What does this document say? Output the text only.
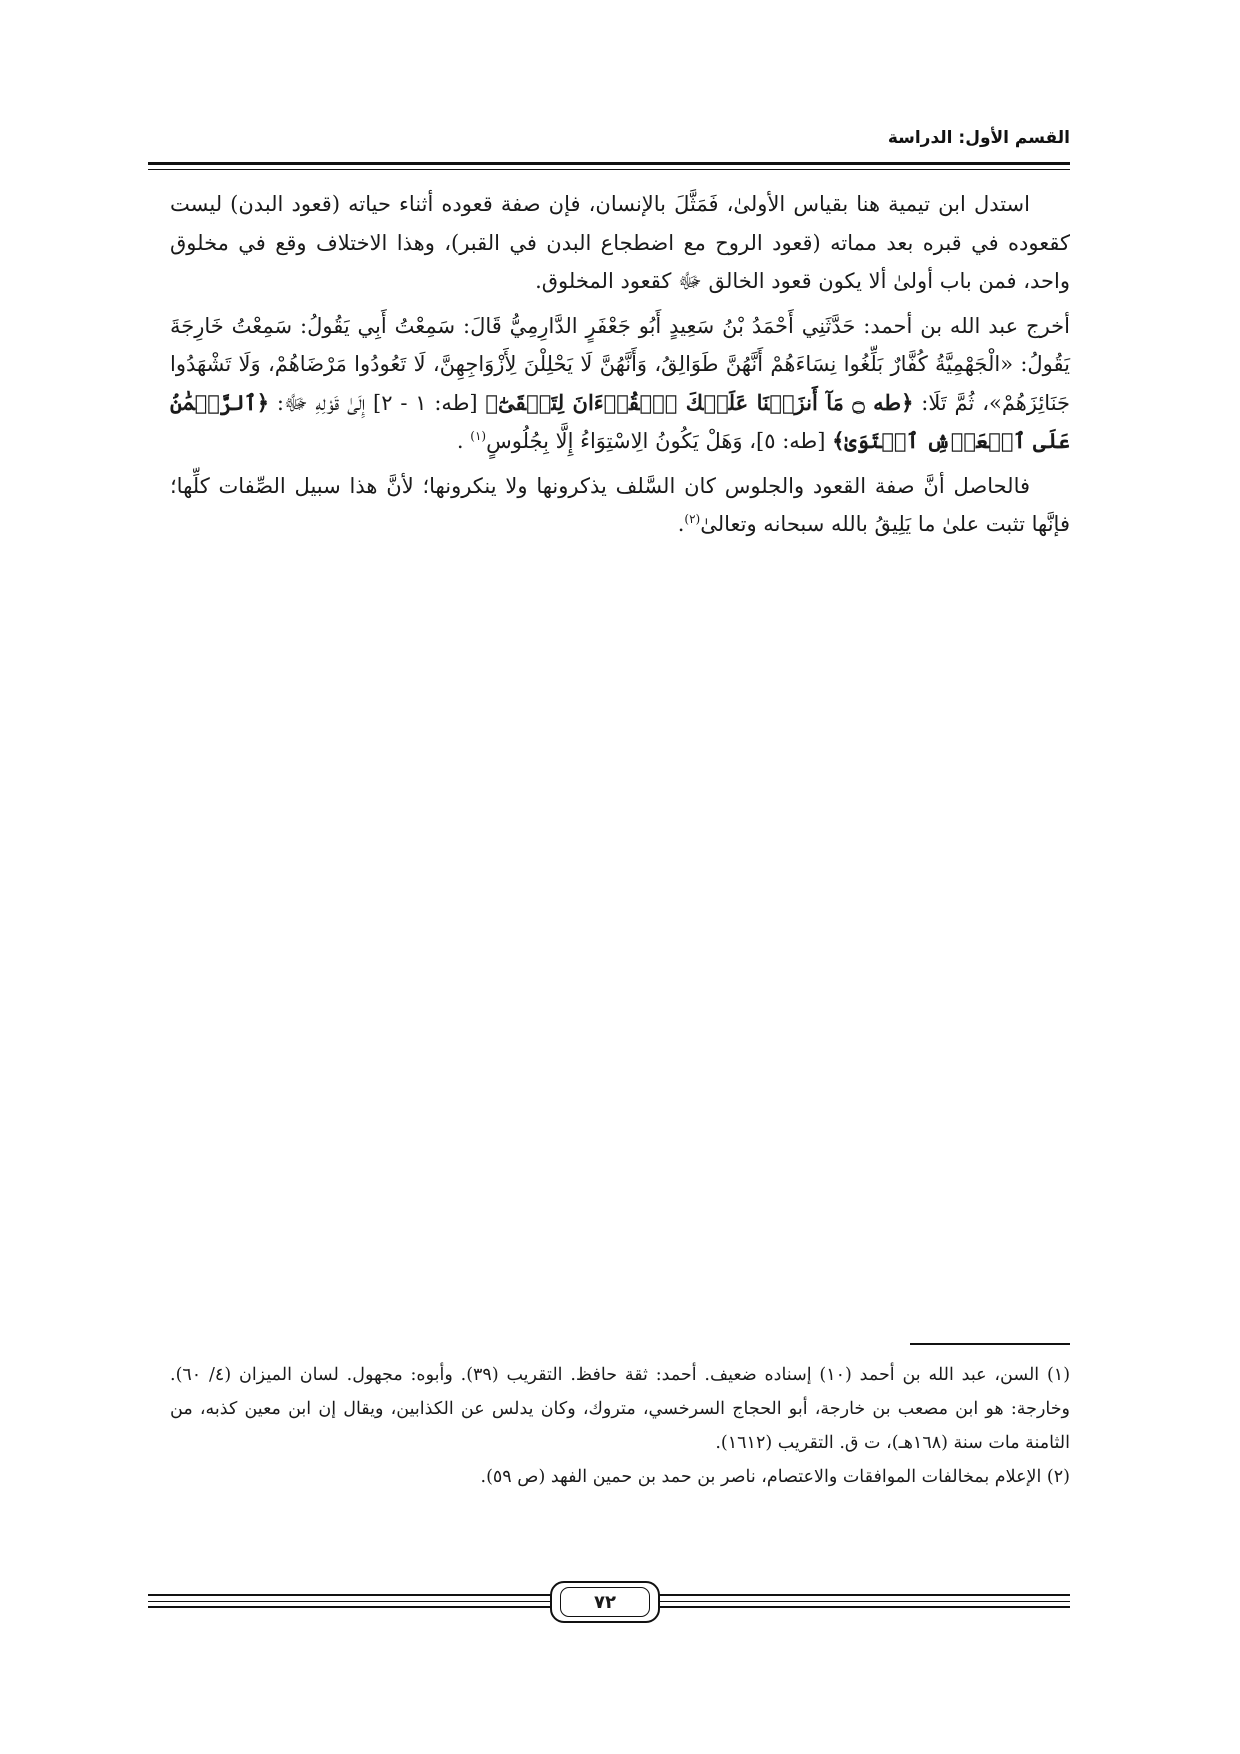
القسم الأول: الدراسة

استدل ابن تيمية هنا بقياس الأولىٰ، فَمَثَّلَ بالإنسان، فإن صفة قعوده أثناء حياته (قعود البدن) ليست كقعوده في قبره بعد مماته (قعود الروح مع اضطجاع البدن في القبر)، وهذا الاختلاف وقع في مخلوق واحد، فمن باب أولىٰ ألا يكون قعود الخالق ﷻ كقعود المخلوق.

أخرج عبد الله بن أحمد: حَدَّثَنِي أَحْمَدُ بْنُ سَعِيدٍ أَبُو جَعْفَرٍ الدَّارِمِيُّ قَالَ: سَمِعْتُ أَبِي يَقُولُ: سَمِعْتُ خَارِجَةَ يَقُولُ: «الْجَهْمِيَّةُ كُفَّارٌ بَلِّغُوا نِسَاءَهُمْ أَنَّهُنَّ طَوَالِقُ، وَأَنَّهُنَّ لَا يَحْلِلْنَ لِأَزْوَاجِهِنَّ، لَا تَعُودُوا مَرْضَاهُمْ، وَلَا تَشْهَدُوا جَنَائِزَهُمْ»، ثُمَّ تَلَا: ﴿طه ۝ مَآ أَنزَلۡنَا عَلَيۡكَ ٱلۡقُرۡءَانَ لِتَشۡقَىٰٓ﴾ [طه: ١ - ٢] إِلَىٰ قَوْلِهِ ﷻ: ﴿ٱلرَّحۡمَٰنُ عَلَى ٱلۡعَرۡشِ ٱسۡتَوَىٰ﴾ [طه: ٥]، وَهَلْ يَكُونُ الِاسْتِوَاءُ إِلَّا بِجُلُوسٍ$^{(١)}$ .

فالحاصل أنَّ صفة القعود والجلوس كان السَّلف يذكرونها ولا ينكرونها؛ لأنَّ هذا سبيل الصِّفات كلِّها؛ فإنَّها تثبت علىٰ ما يَلِيقُ بالله سبحانه وتعالىٰ$^{(٢)}$.

(١) السن، عبد الله بن أحمد (١٠) إسناده ضعيف. أحمد: ثقة حافظ. التقريب (٣٩). وأبوه: مجهول. لسان الميزان (٤/ ٦٠). وخارجة: هو ابن مصعب بن خارجة، أبو الحجاج السرخسي، متروك، وكان يدلس عن الكذابين، ويقال إن ابن معين كذبه، من الثامنة مات سنة (١٦٨هـ)، ت ق. التقريب (١٦١٢).

(٢) الإعلام بمخالفات الموافقات والاعتصام، ناصر بن حمد بن حمين الفهد (ص ٥٩).

٧٢
